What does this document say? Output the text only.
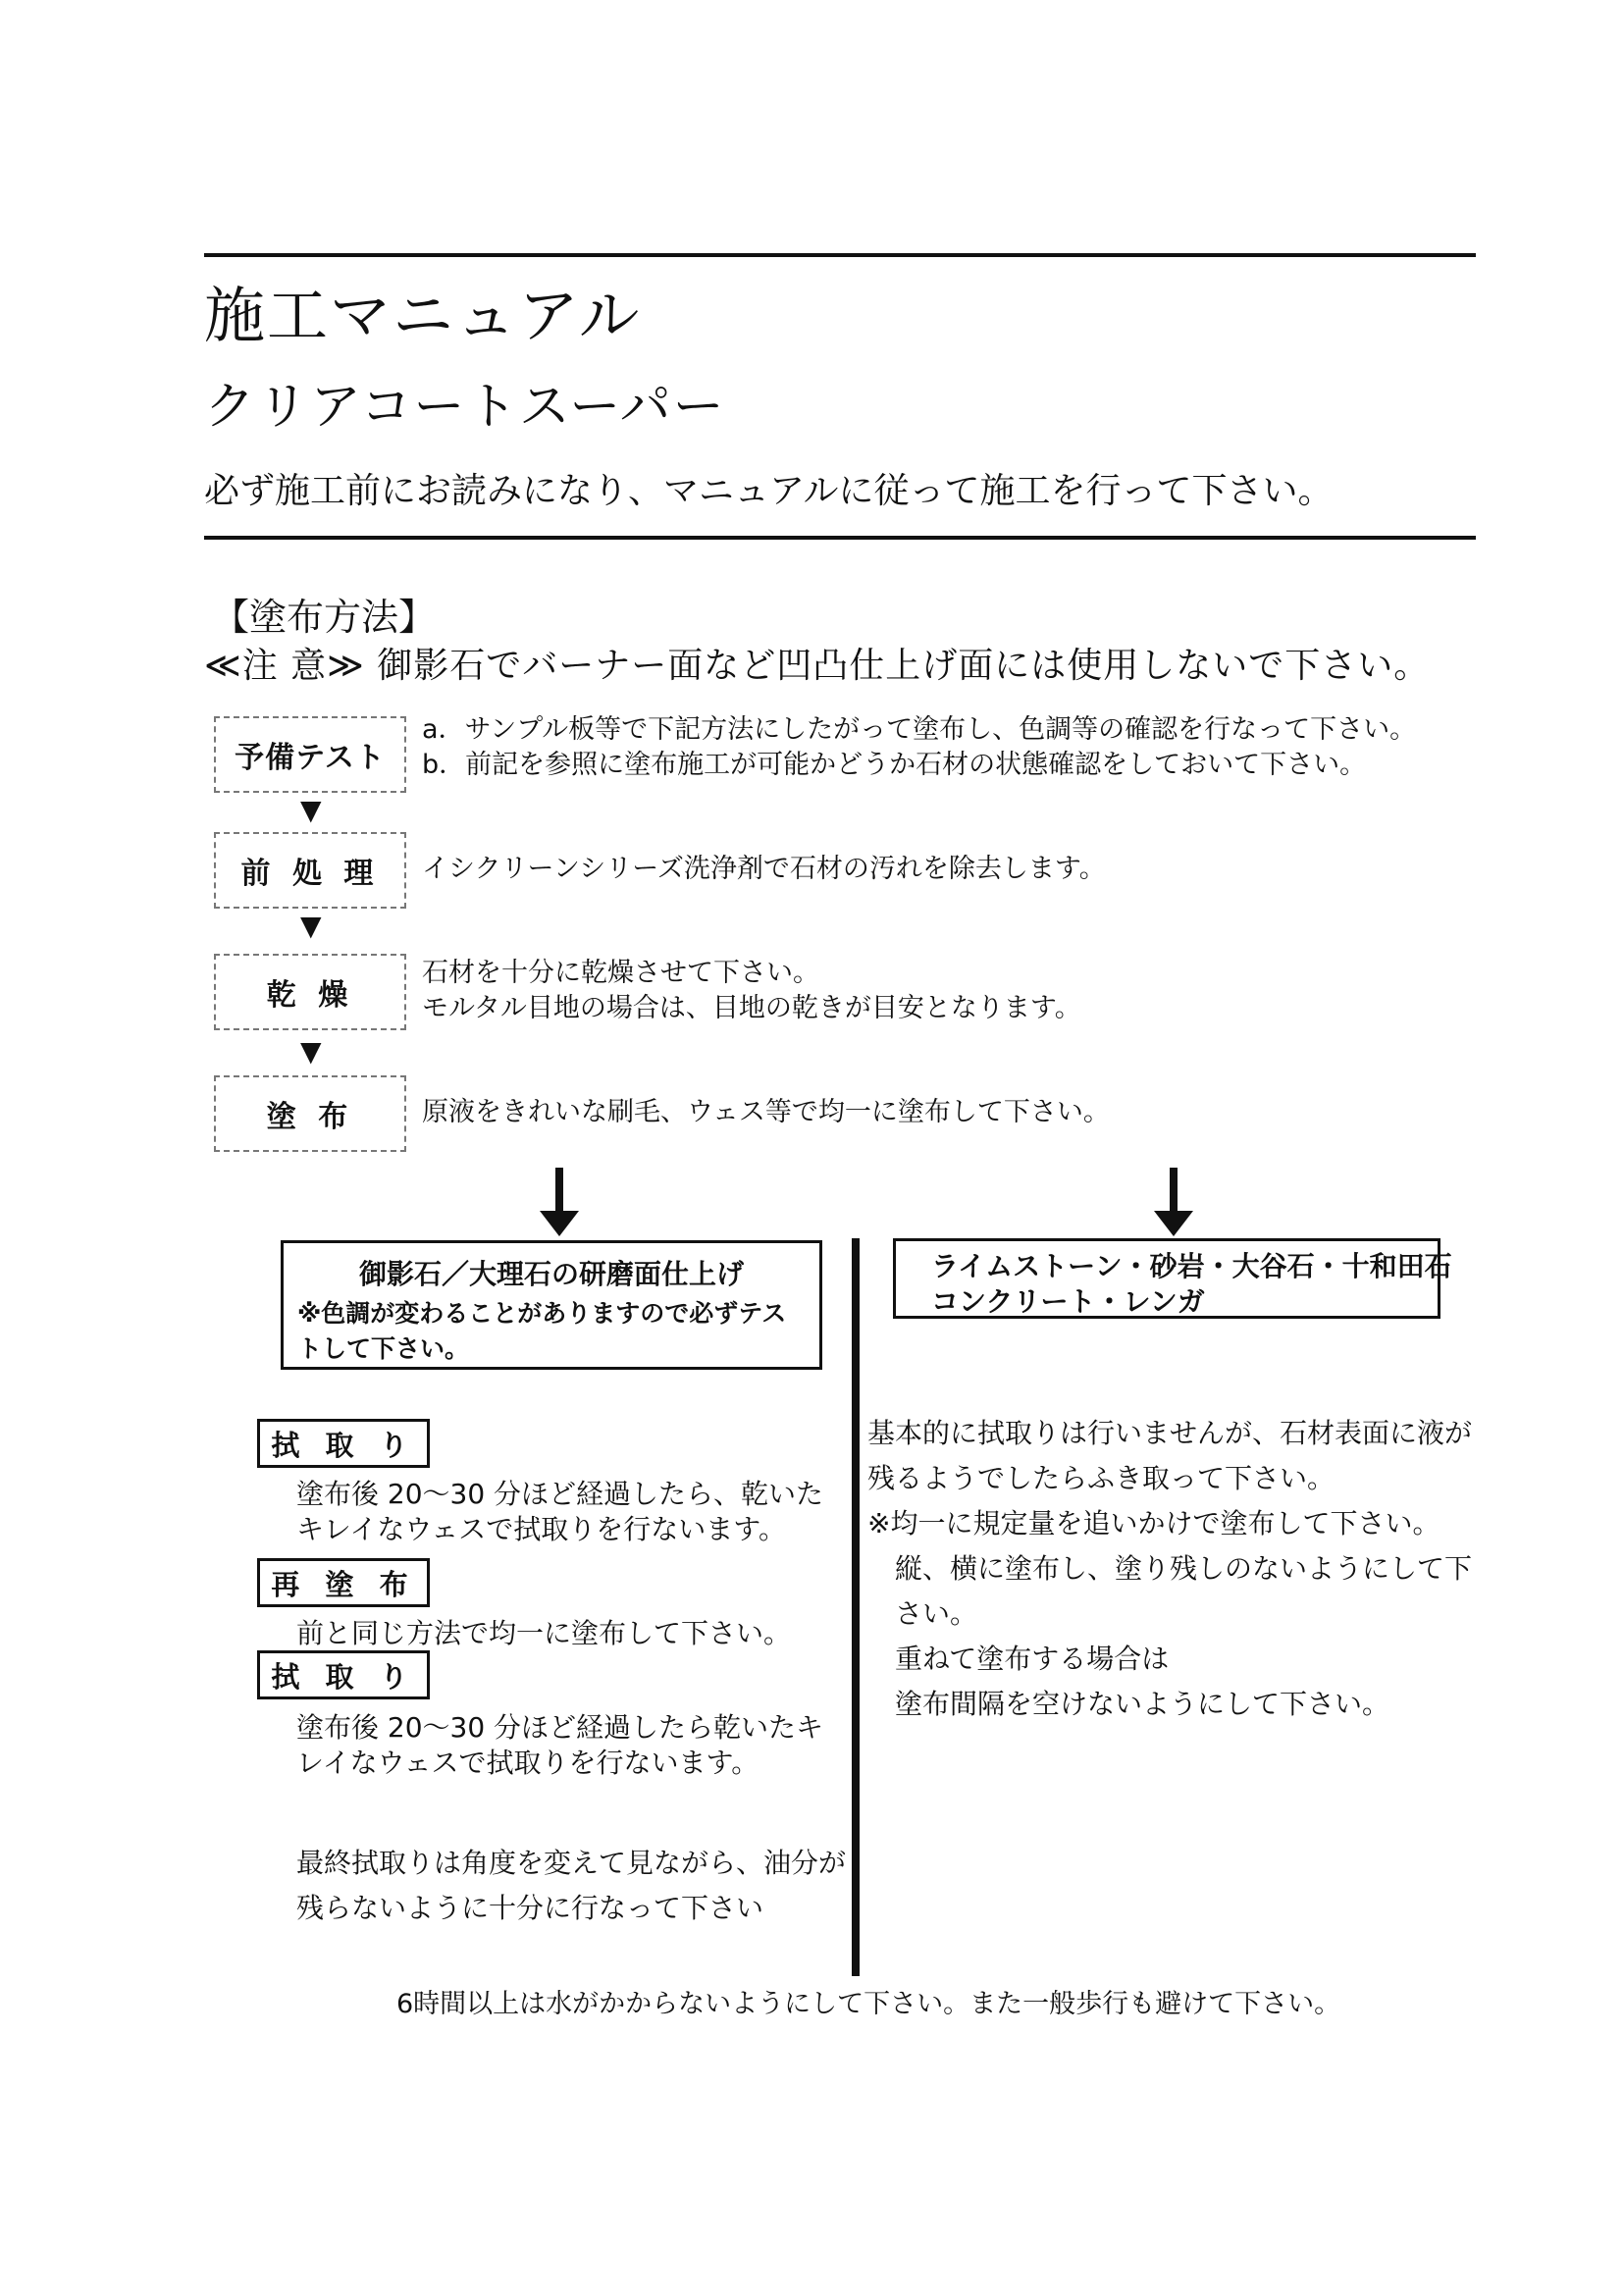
施工マニュアル
クリアコートスーパー
必ず施工前にお読みになり、マニュアルに従って施工を行って下さい。
【塗布方法】
≪注 意≫ 御影石でバーナー面など凹凸仕上げ面には使用しないで下さい。
予備テスト
a．サンプル板等で下記方法にしたがって塗布し、色調等の確認を行なって下さい。
b．前記を参照に塗布施工が可能かどうか石材の状態確認をしておいて下さい。
▼
前 処 理	イシクリーンシリーズ洗浄剤で石材の汚れを除去します。
▼
乾 燥
石材を十分に乾燥させて下さい。
モルタル目地の場合は、目地の乾きが目安となります。
▼
塗 布	原液をきれいな刷毛、ウェス等で均一に塗布して下さい。
御影石／大理石の研磨面仕上げ
※色調が変わることがありますので必ずテス
トして下さい。
ライムストーン・砂岩・大谷石・十和田石
コンクリート・レンガ
拭 取 り
塗布後 20～30 分ほど経過したら、乾いた
キレイなウェスで拭取りを行ないます。
再 塗 布
前と同じ方法で均一に塗布して下さい。
拭 取 り
塗布後 20～30 分ほど経過したら乾いたキ
レイなウェスで拭取りを行ないます。
最終拭取りは角度を変えて見ながら、油分が
残らないように十分に行なって下さい
基本的に拭取りは行いませんが、石材表面に液が
残るようでしたらふき取って下さい。
※均一に規定量を追いかけで塗布して下さい。
縦、横に塗布し、塗り残しのないようにして下
さい。
重ねて塗布する場合は
塗布間隔を空けないようにして下さい。
6時間以上は水がかからないようにして下さい。また一般歩行も避けて下さい。
